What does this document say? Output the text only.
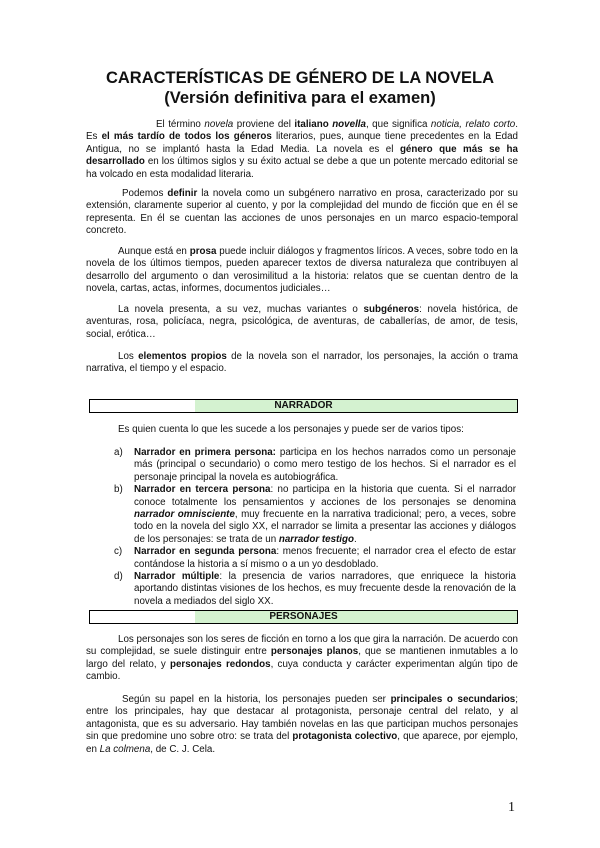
CARACTERÍSTICAS DE GÉNERO DE LA NOVELA
(Versión definitiva para el examen)

El término novela proviene del italiano novella, que significa noticia, relato corto. Es el más tardío de todos los géneros literarios, pues, aunque tiene precedentes en la Edad Antigua, no se implantó hasta la Edad Media. La novela es el género que más se ha desarrollado en los últimos siglos y su éxito actual se debe a que un potente mercado editorial se ha volcado en esta modalidad literaria.

Podemos definir la novela como un subgénero narrativo en prosa, caracterizado por su extensión, claramente superior al cuento, y por la complejidad del mundo de ficción que en él se representa. En él se cuentan las acciones de unos personajes en un marco espacio-temporal concreto.

Aunque está en prosa puede incluir diálogos y fragmentos líricos. A veces, sobre todo en la novela de los últimos tiempos, pueden aparecer textos de diversa naturaleza que contribuyen al desarrollo del argumento o dan verosimilitud a la historia: relatos que se cuentan dentro de la novela, cartas, actas, informes, documentos judiciales…

La novela presenta, a su vez, muchas variantes o subgéneros: novela histórica, de aventuras, rosa, policíaca, negra, psicológica, de aventuras, de caballerías, de amor, de tesis, social, erótica…

Los elementos propios de la novela son el narrador, los personajes, la acción o trama narrativa, el tiempo y el espacio.

NARRADOR

Es quien cuenta lo que les sucede a los personajes y puede ser de varios tipos:

a) Narrador en primera persona: participa en los hechos narrados como un personaje más (principal o secundario) o como mero testigo de los hechos. Si el narrador es el personaje principal la novela es autobiográfica.
b) Narrador en tercera persona: no participa en la historia que cuenta. Si el narrador conoce totalmente los pensamientos y acciones de los personajes se denomina narrador omnisciente, muy frecuente en la narrativa tradicional; pero, a veces, sobre todo en la novela del siglo XX, el narrador se limita a presentar las acciones y diálogos de los personajes: se trata de un narrador testigo.
c) Narrador en segunda persona: menos frecuente; el narrador crea el efecto de estar contándose la historia a sí mismo o a un yo desdoblado.
d) Narrador múltiple: la presencia de varios narradores, que enriquece la historia aportando distintas visiones de los hechos, es muy frecuente desde la renovación de la novela a mediados del siglo XX.
PERSONAJES

Los personajes son los seres de ficción en torno a los que gira la narración. De acuerdo con su complejidad, se suele distinguir entre personajes planos, que se mantienen inmutables a lo largo del relato, y personajes redondos, cuya conducta y carácter experimentan algún tipo de cambio.

Según su papel en la historia, los personajes pueden ser principales o secundarios; entre los principales, hay que destacar al protagonista, personaje central del relato, y al antagonista, que es su adversario. Hay también novelas en las que participan muchos personajes sin que predomine uno sobre otro: se trata del protagonista colectivo, que aparece, por ejemplo, en La colmena, de C. J. Cela.

1
